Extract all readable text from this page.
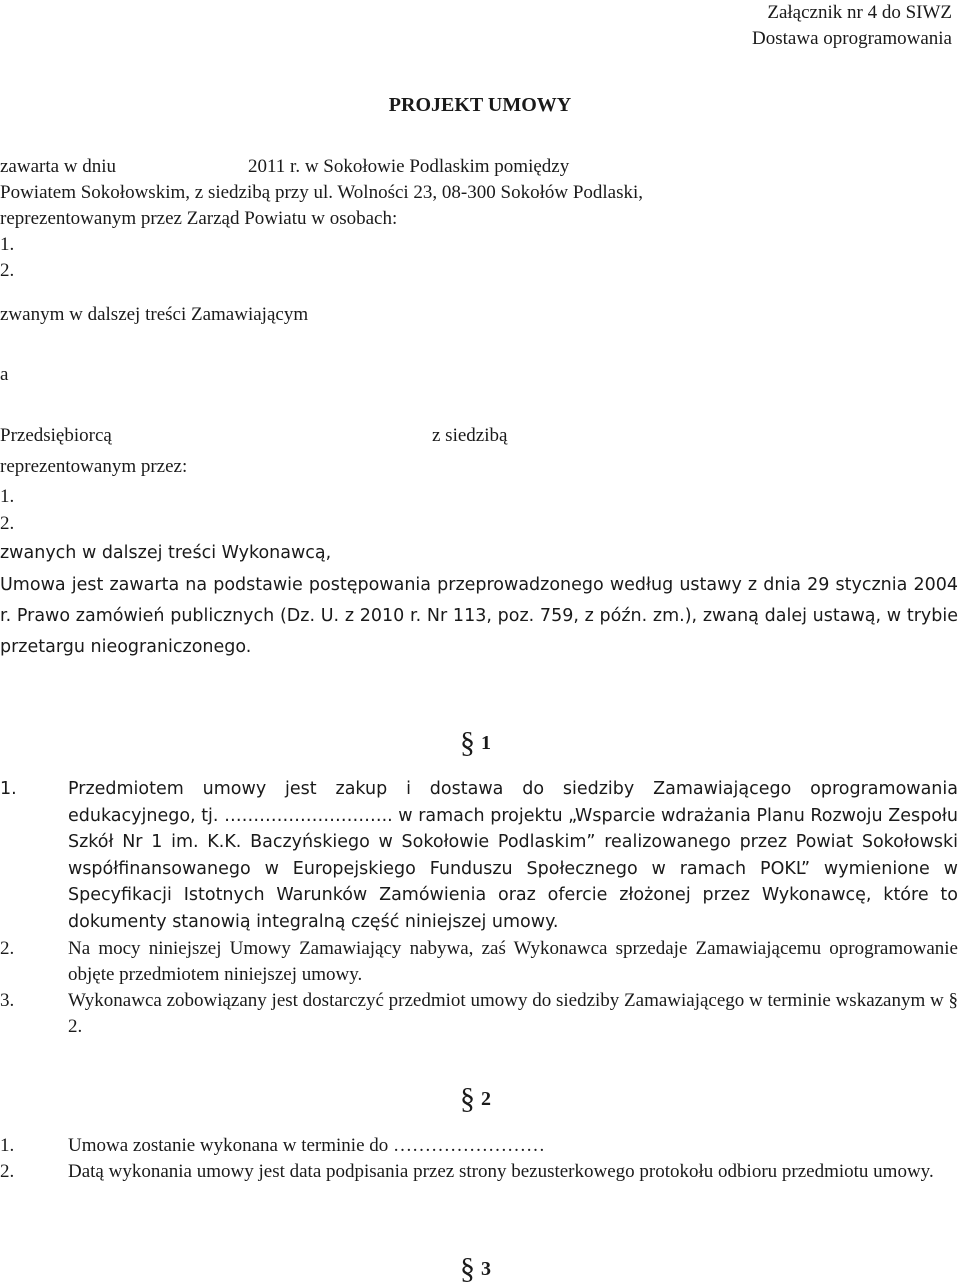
Załącznik nr 4 do SIWZ
Dostawa oprogramowania
PROJEKT UMOWY
zawarta w dniu	2011 r. w Sokołowie Podlaskim pomiędzy
Powiatem Sokołowskim, z siedzibą przy ul. Wolności 23, 08-300 Sokołów Podlaski,
reprezentowanym przez Zarząd Powiatu w osobach:
1.
2.
zwanym w dalszej treści Zamawiającym
a
Przedsiębiorcą	z siedzibą
reprezentowanym przez:
1.
2.
zwanych w dalszej treści Wykonawcą,
Umowa jest zawarta na podstawie postępowania przeprowadzonego według ustawy z dnia 29 stycznia 2004 r. Prawo zamówień publicznych (Dz. U. z 2010 r. Nr 113, poz. 759, z późn. zm.), zwaną dalej ustawą, w trybie przetargu nieograniczonego.
§ 1
1.	Przedmiotem umowy jest zakup i dostawa do siedziby Zamawiającego oprogramowania edukacyjnego, tj. ……………………….. w ramach projektu „Wsparcie wdrażania Planu Rozwoju Zespołu Szkół Nr 1 im. K.K. Baczyńskiego w Sokołowie Podlaskim” realizowanego przez Powiat Sokołowski współfinansowanego w Europejskiego Funduszu Społecznego w ramach POKL” wymienione w Specyfikacji Istotnych Warunków Zamówienia oraz ofercie złożonej przez Wykonawcę, które to dokumenty stanowią integralną część niniejszej umowy.
2.	Na mocy niniejszej Umowy Zamawiający nabywa, zaś Wykonawca sprzedaje Zamawiającemu oprogramowanie objęte przedmiotem niniejszej umowy.
3.	Wykonawca zobowiązany jest dostarczyć przedmiot umowy do siedziby Zamawiającego w terminie wskazanym w § 2.
§ 2
1.	Umowa zostanie wykonana w terminie do ……………………
2.	Datą wykonania umowy jest data podpisania przez strony bezusterkowego protokołu odbioru przedmiotu umowy.
§ 3
